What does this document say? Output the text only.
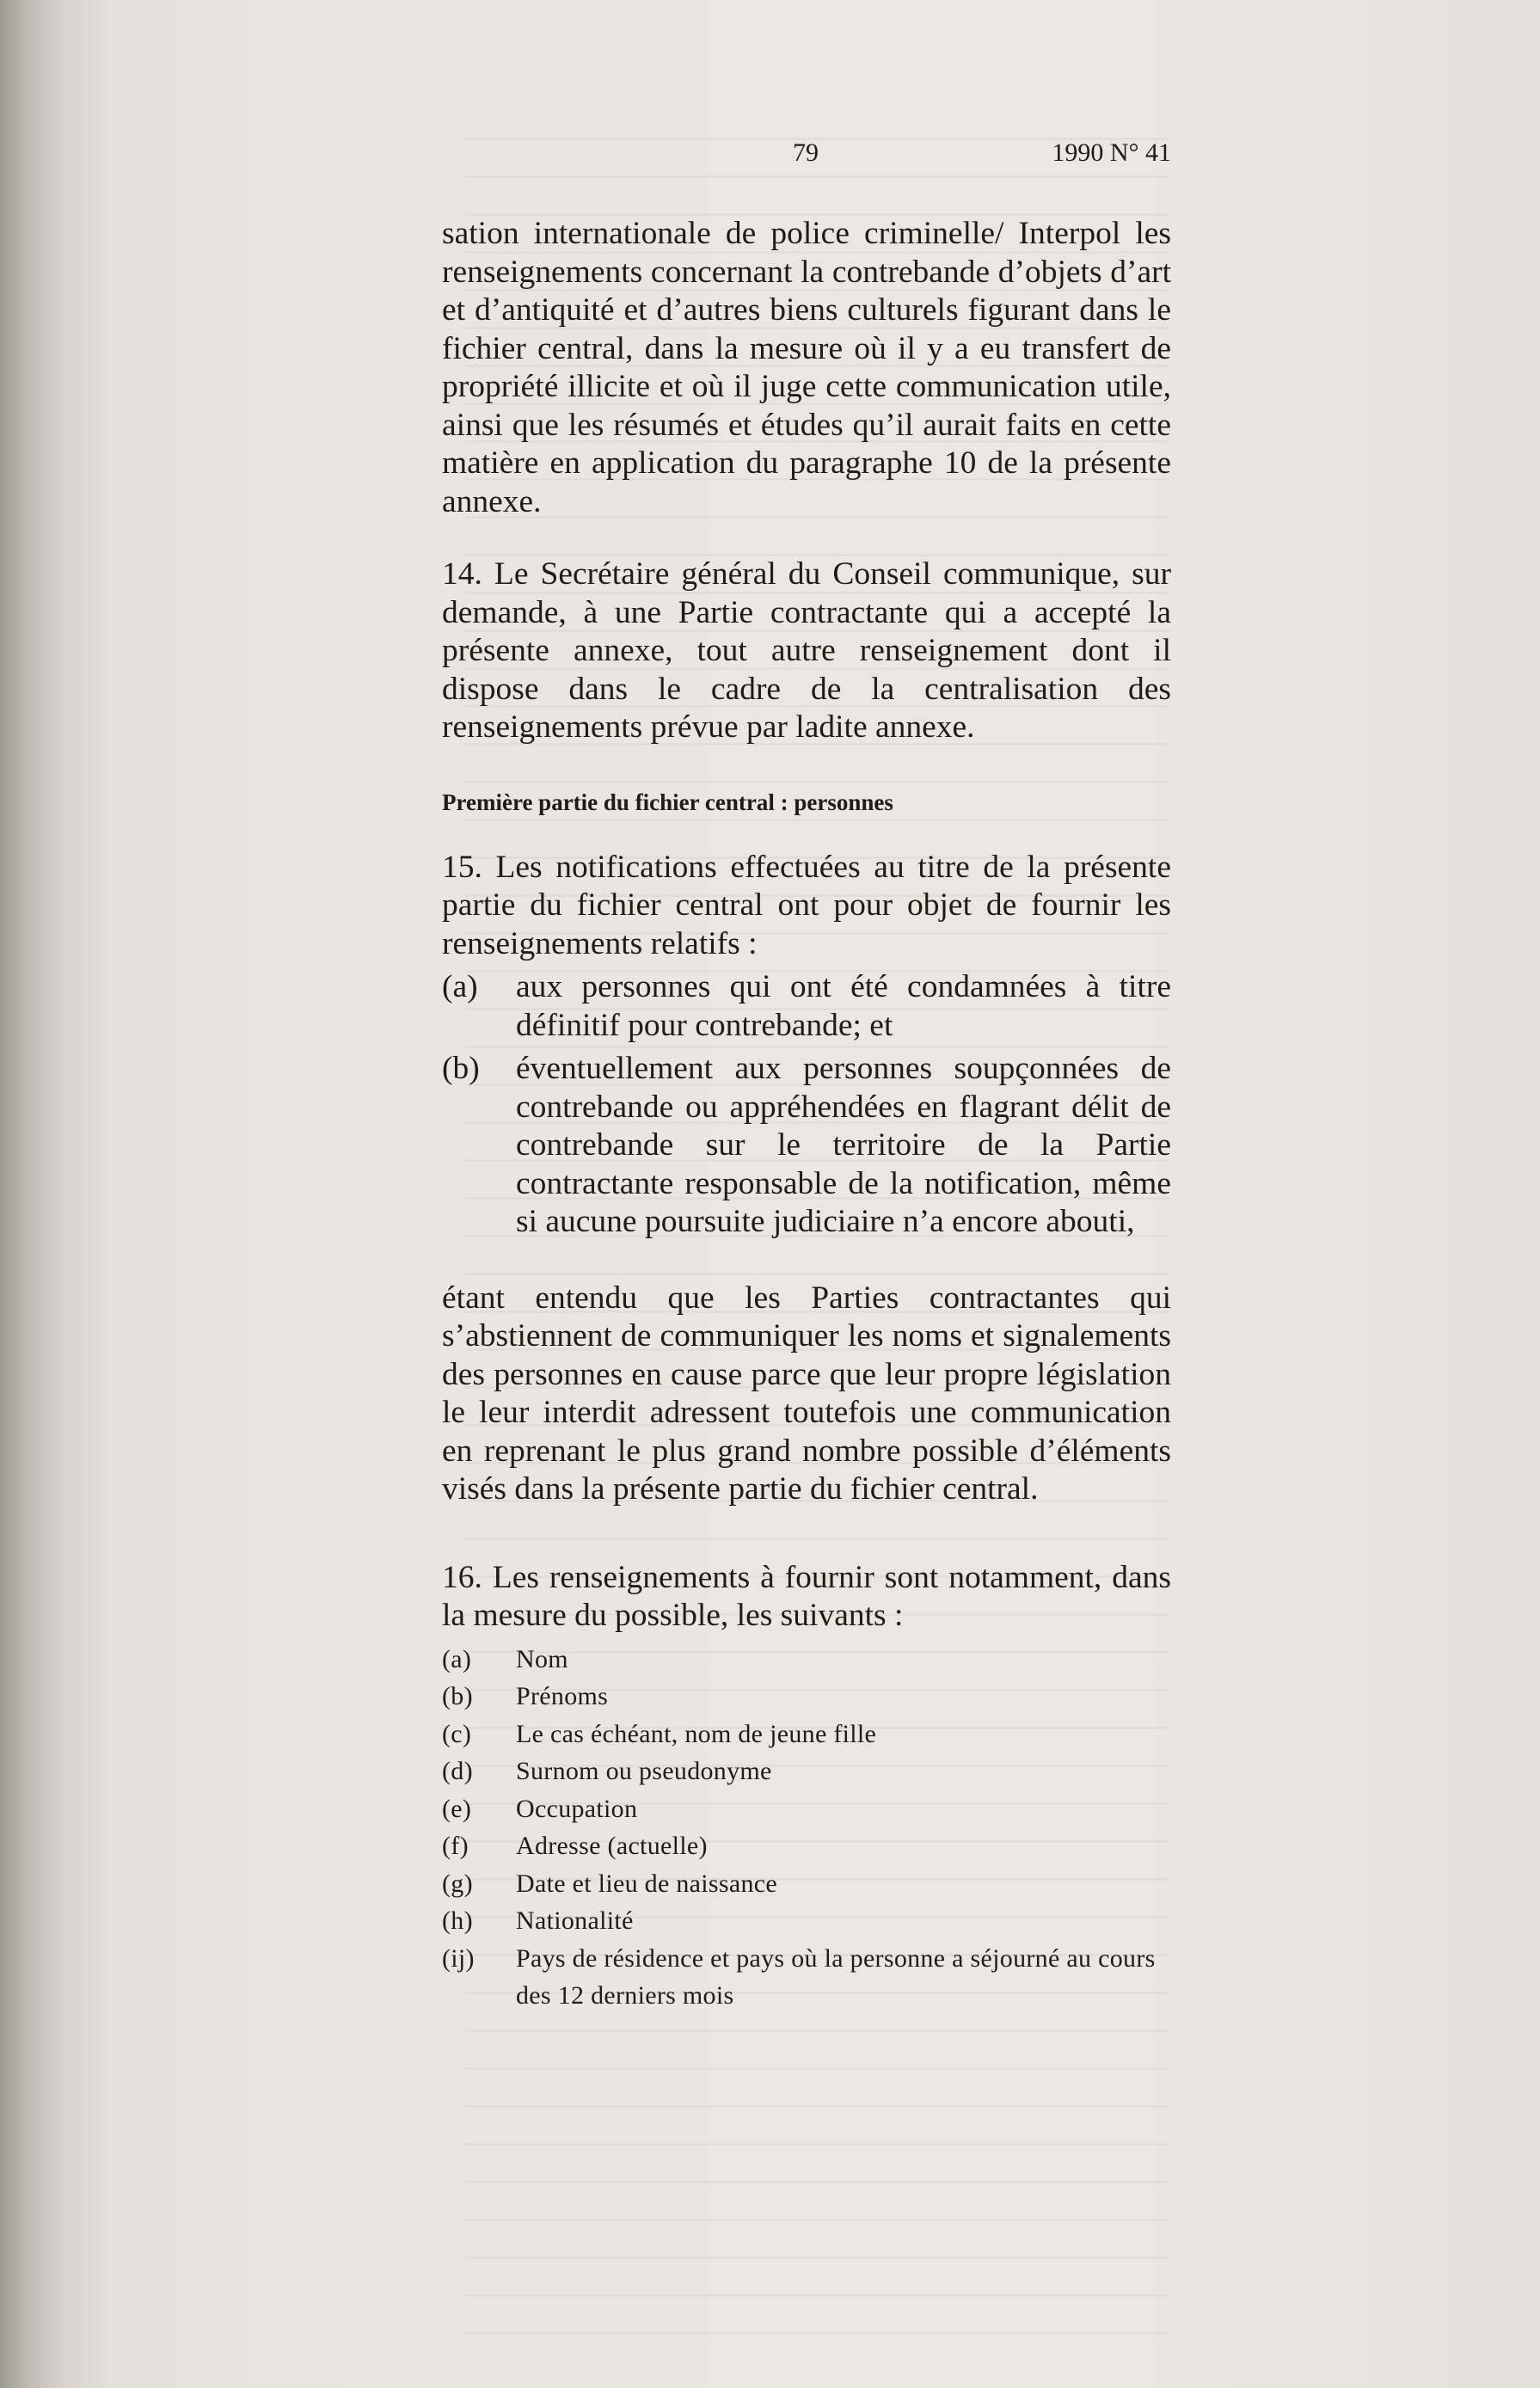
79	1990 N° 41

sation internationale de police criminelle/ Interpol les renseignements concernant la contrebande d’objets d’art et d’antiquité et d’autres biens culturels figurant dans le fichier central, dans la mesure où il y a eu transfert de propriété illicite et où il juge cette communication utile, ainsi que les résumés et études qu’il aurait faits en cette matière en application du paragraphe 10 de la présente annexe.

14. Le Secrétaire général du Conseil communique, sur demande, à une Partie contractante qui a accepté la présente annexe, tout autre renseignement dont il dispose dans le cadre de la centralisation des renseignements prévue par ladite annexe.

Première partie du fichier central : personnes

15. Les notifications effectuées au titre de la présente partie du fichier central ont pour objet de fournir les renseignements relatifs :

(a)	aux personnes qui ont été condamnées à titre définitif pour contrebande; et
(b)	éventuellement aux personnes soupçonnées de contrebande ou appréhendées en flagrant délit de contrebande sur le territoire de la Partie contractante responsable de la notification, même si aucune poursuite judiciaire n’a encore abouti,

étant entendu que les Parties contractantes qui s’abstiennent de communiquer les noms et signalements des personnes en cause parce que leur propre législation le leur interdit adressent toutefois une communication en reprenant le plus grand nombre possible d’éléments visés dans la présente partie du fichier central.

16. Les renseignements à fournir sont notamment, dans la mesure du possible, les suivants :

(a)	Nom
(b)	Prénoms
(c)	Le cas échéant, nom de jeune fille
(d)	Surnom ou pseudonyme
(e)	Occupation
(f)	Adresse (actuelle)
(g)	Date et lieu de naissance
(h)	Nationalité
(ij)	Pays de résidence et pays où la personne a séjourné au cours des 12 derniers mois
